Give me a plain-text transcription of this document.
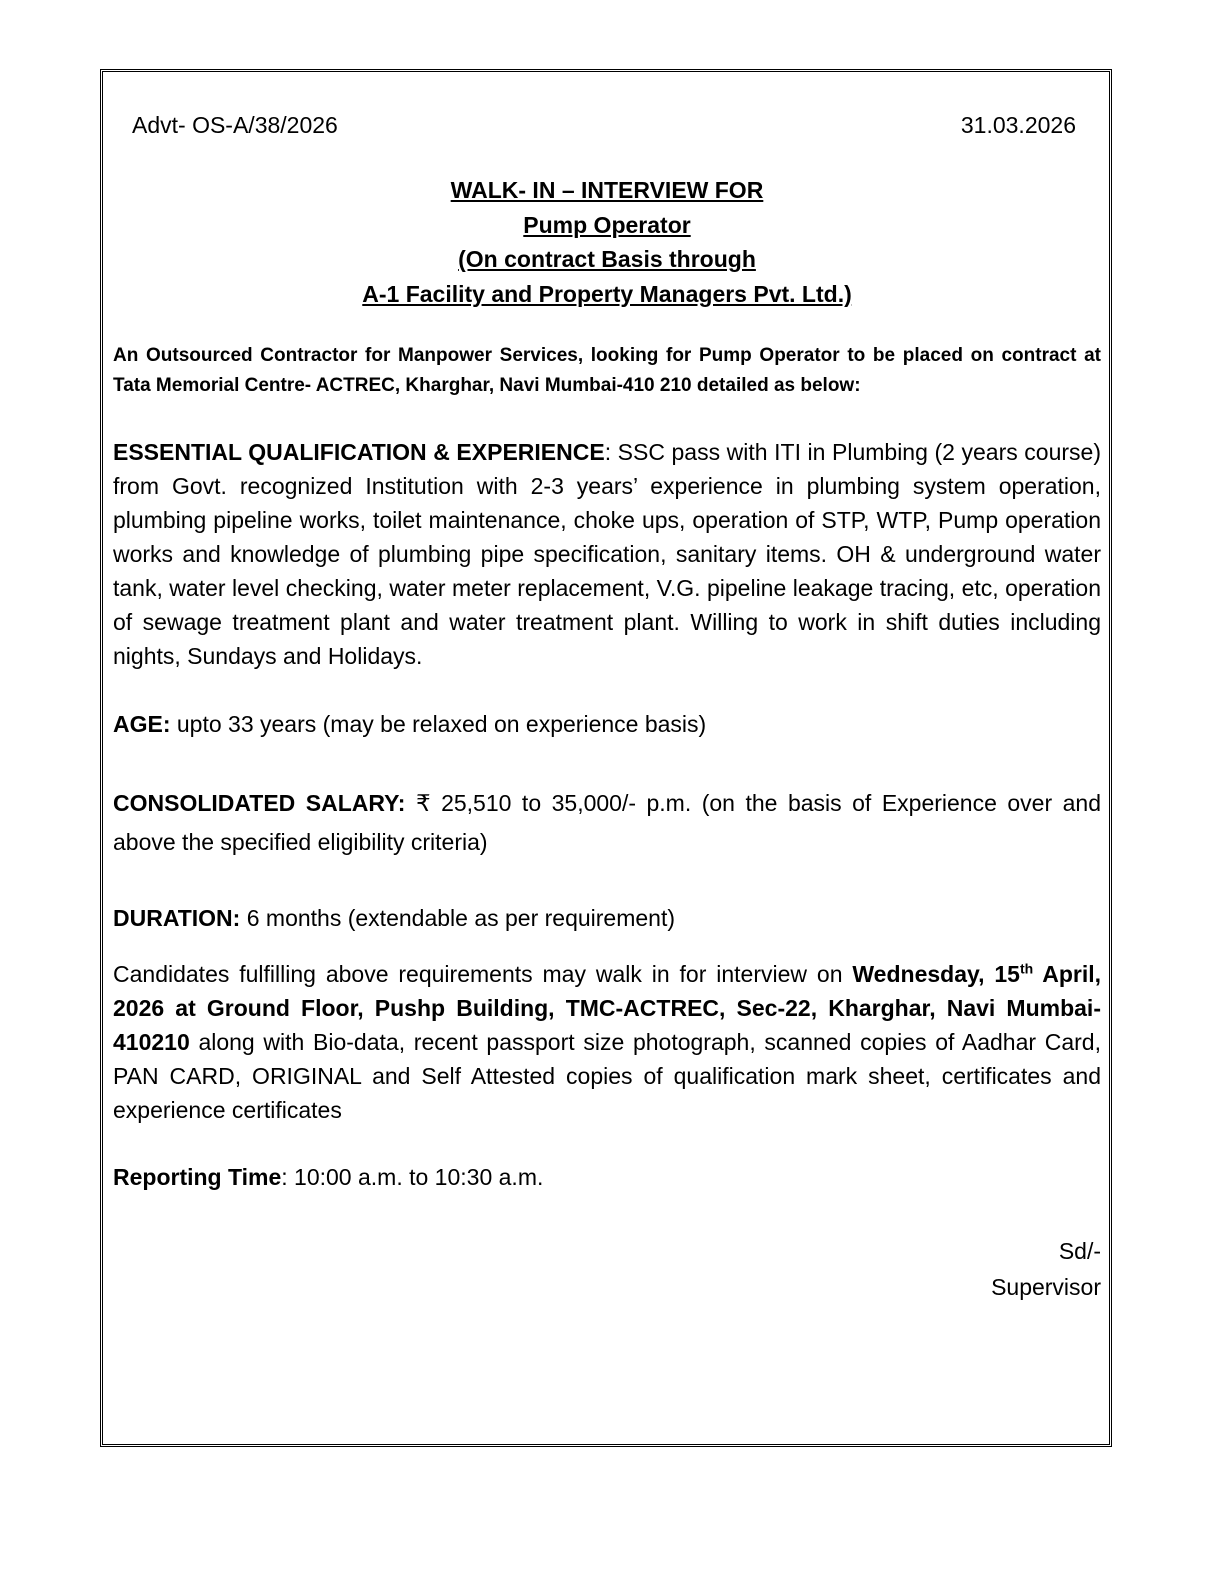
Advt- OS-A/38/2026	31.03.2026
WALK- IN – INTERVIEW FOR
Pump Operator
(On contract Basis through
A-1 Facility and Property Managers Pvt. Ltd.)
An Outsourced Contractor for Manpower Services, looking for Pump Operator to be placed on contract at Tata Memorial Centre- ACTREC, Kharghar, Navi Mumbai-410 210 detailed as below:
ESSENTIAL QUALIFICATION & EXPERIENCE: SSC pass with ITI in Plumbing (2 years course) from Govt. recognized Institution with 2-3 years’ experience in plumbing system operation, plumbing pipeline works, toilet maintenance, choke ups, operation of STP, WTP, Pump operation works and knowledge of plumbing pipe specification, sanitary items. OH & underground water tank, water level checking, water meter replacement, V.G. pipeline leakage tracing, etc, operation of sewage treatment plant and water treatment plant. Willing to work in shift duties including nights, Sundays and Holidays.
AGE: upto 33 years (may be relaxed on experience basis)
CONSOLIDATED SALARY: ₹ 25,510 to 35,000/- p.m. (on the basis of Experience over and above the specified eligibility criteria)
DURATION: 6 months (extendable as per requirement)
Candidates fulfilling above requirements may walk in for interview on Wednesday, 15th April, 2026 at Ground Floor, Pushp Building, TMC-ACTREC, Sec-22, Kharghar, Navi Mumbai- 410210 along with Bio-data, recent passport size photograph, scanned copies of Aadhar Card, PAN CARD, ORIGINAL and Self Attested copies of qualification mark sheet, certificates and experience certificates
Reporting Time: 10:00 a.m. to 10:30 a.m.
Sd/-
Supervisor
